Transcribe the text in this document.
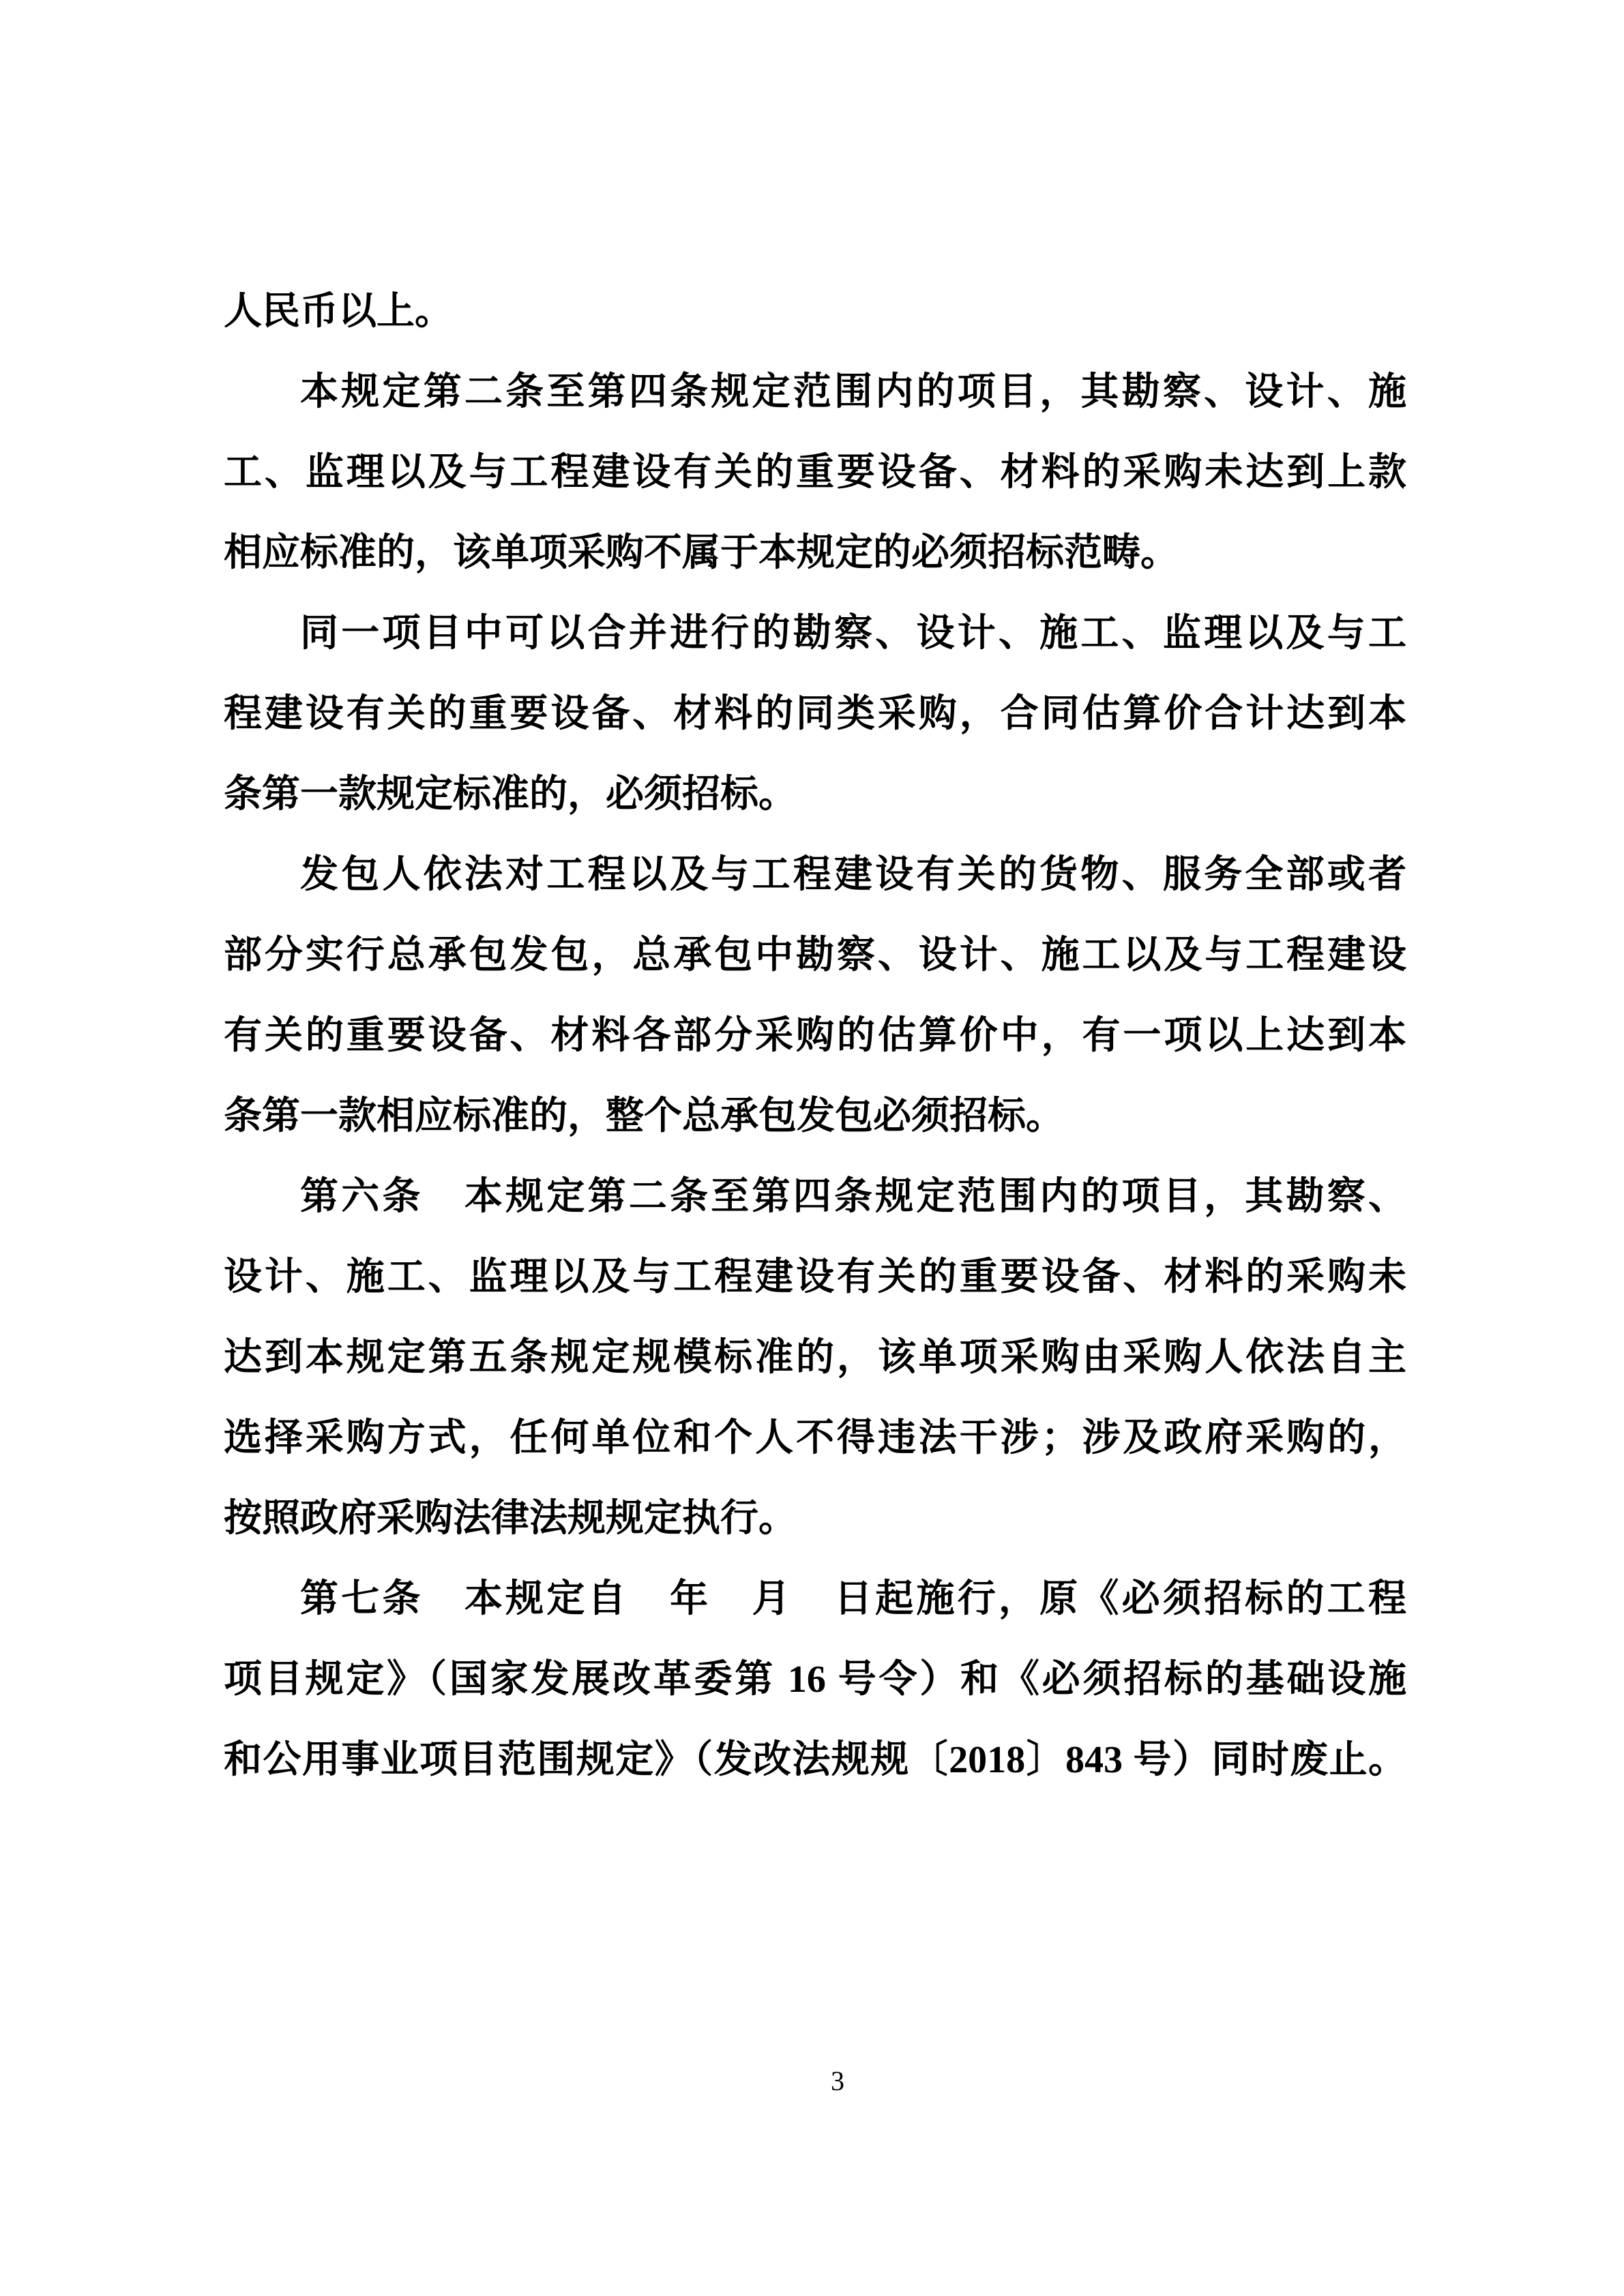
人民币以上。
本规定第二条至第四条规定范围内的项目，其勘察、设计、施
工、监理以及与工程建设有关的重要设备、材料的采购未达到上款
相应标准的，该单项采购不属于本规定的必须招标范畴。
同一项目中可以合并进行的勘察、设计、施工、监理以及与工
程建设有关的重要设备、材料的同类采购，合同估算价合计达到本
条第一款规定标准的，必须招标。
发包人依法对工程以及与工程建设有关的货物、服务全部或者
部分实行总承包发包，总承包中勘察、设计、施工以及与工程建设
有关的重要设备、材料各部分采购的估算价中，有一项以上达到本
条第一款相应标准的，整个总承包发包必须招标。
第六条　本规定第二条至第四条规定范围内的项目，其勘察、
设计、施工、监理以及与工程建设有关的重要设备、材料的采购未
达到本规定第五条规定规模标准的，该单项采购由采购人依法自主
选择采购方式，任何单位和个人不得违法干涉；涉及政府采购的，
按照政府采购法律法规规定执行。
第七条　本规定自　年　月　日起施行，原《必须招标的工程
项目规定》（国家发展改革委第 16 号令）和《必须招标的基础设施
和公用事业项目范围规定》（发改法规规〔2018〕843 号）同时废止。
3
